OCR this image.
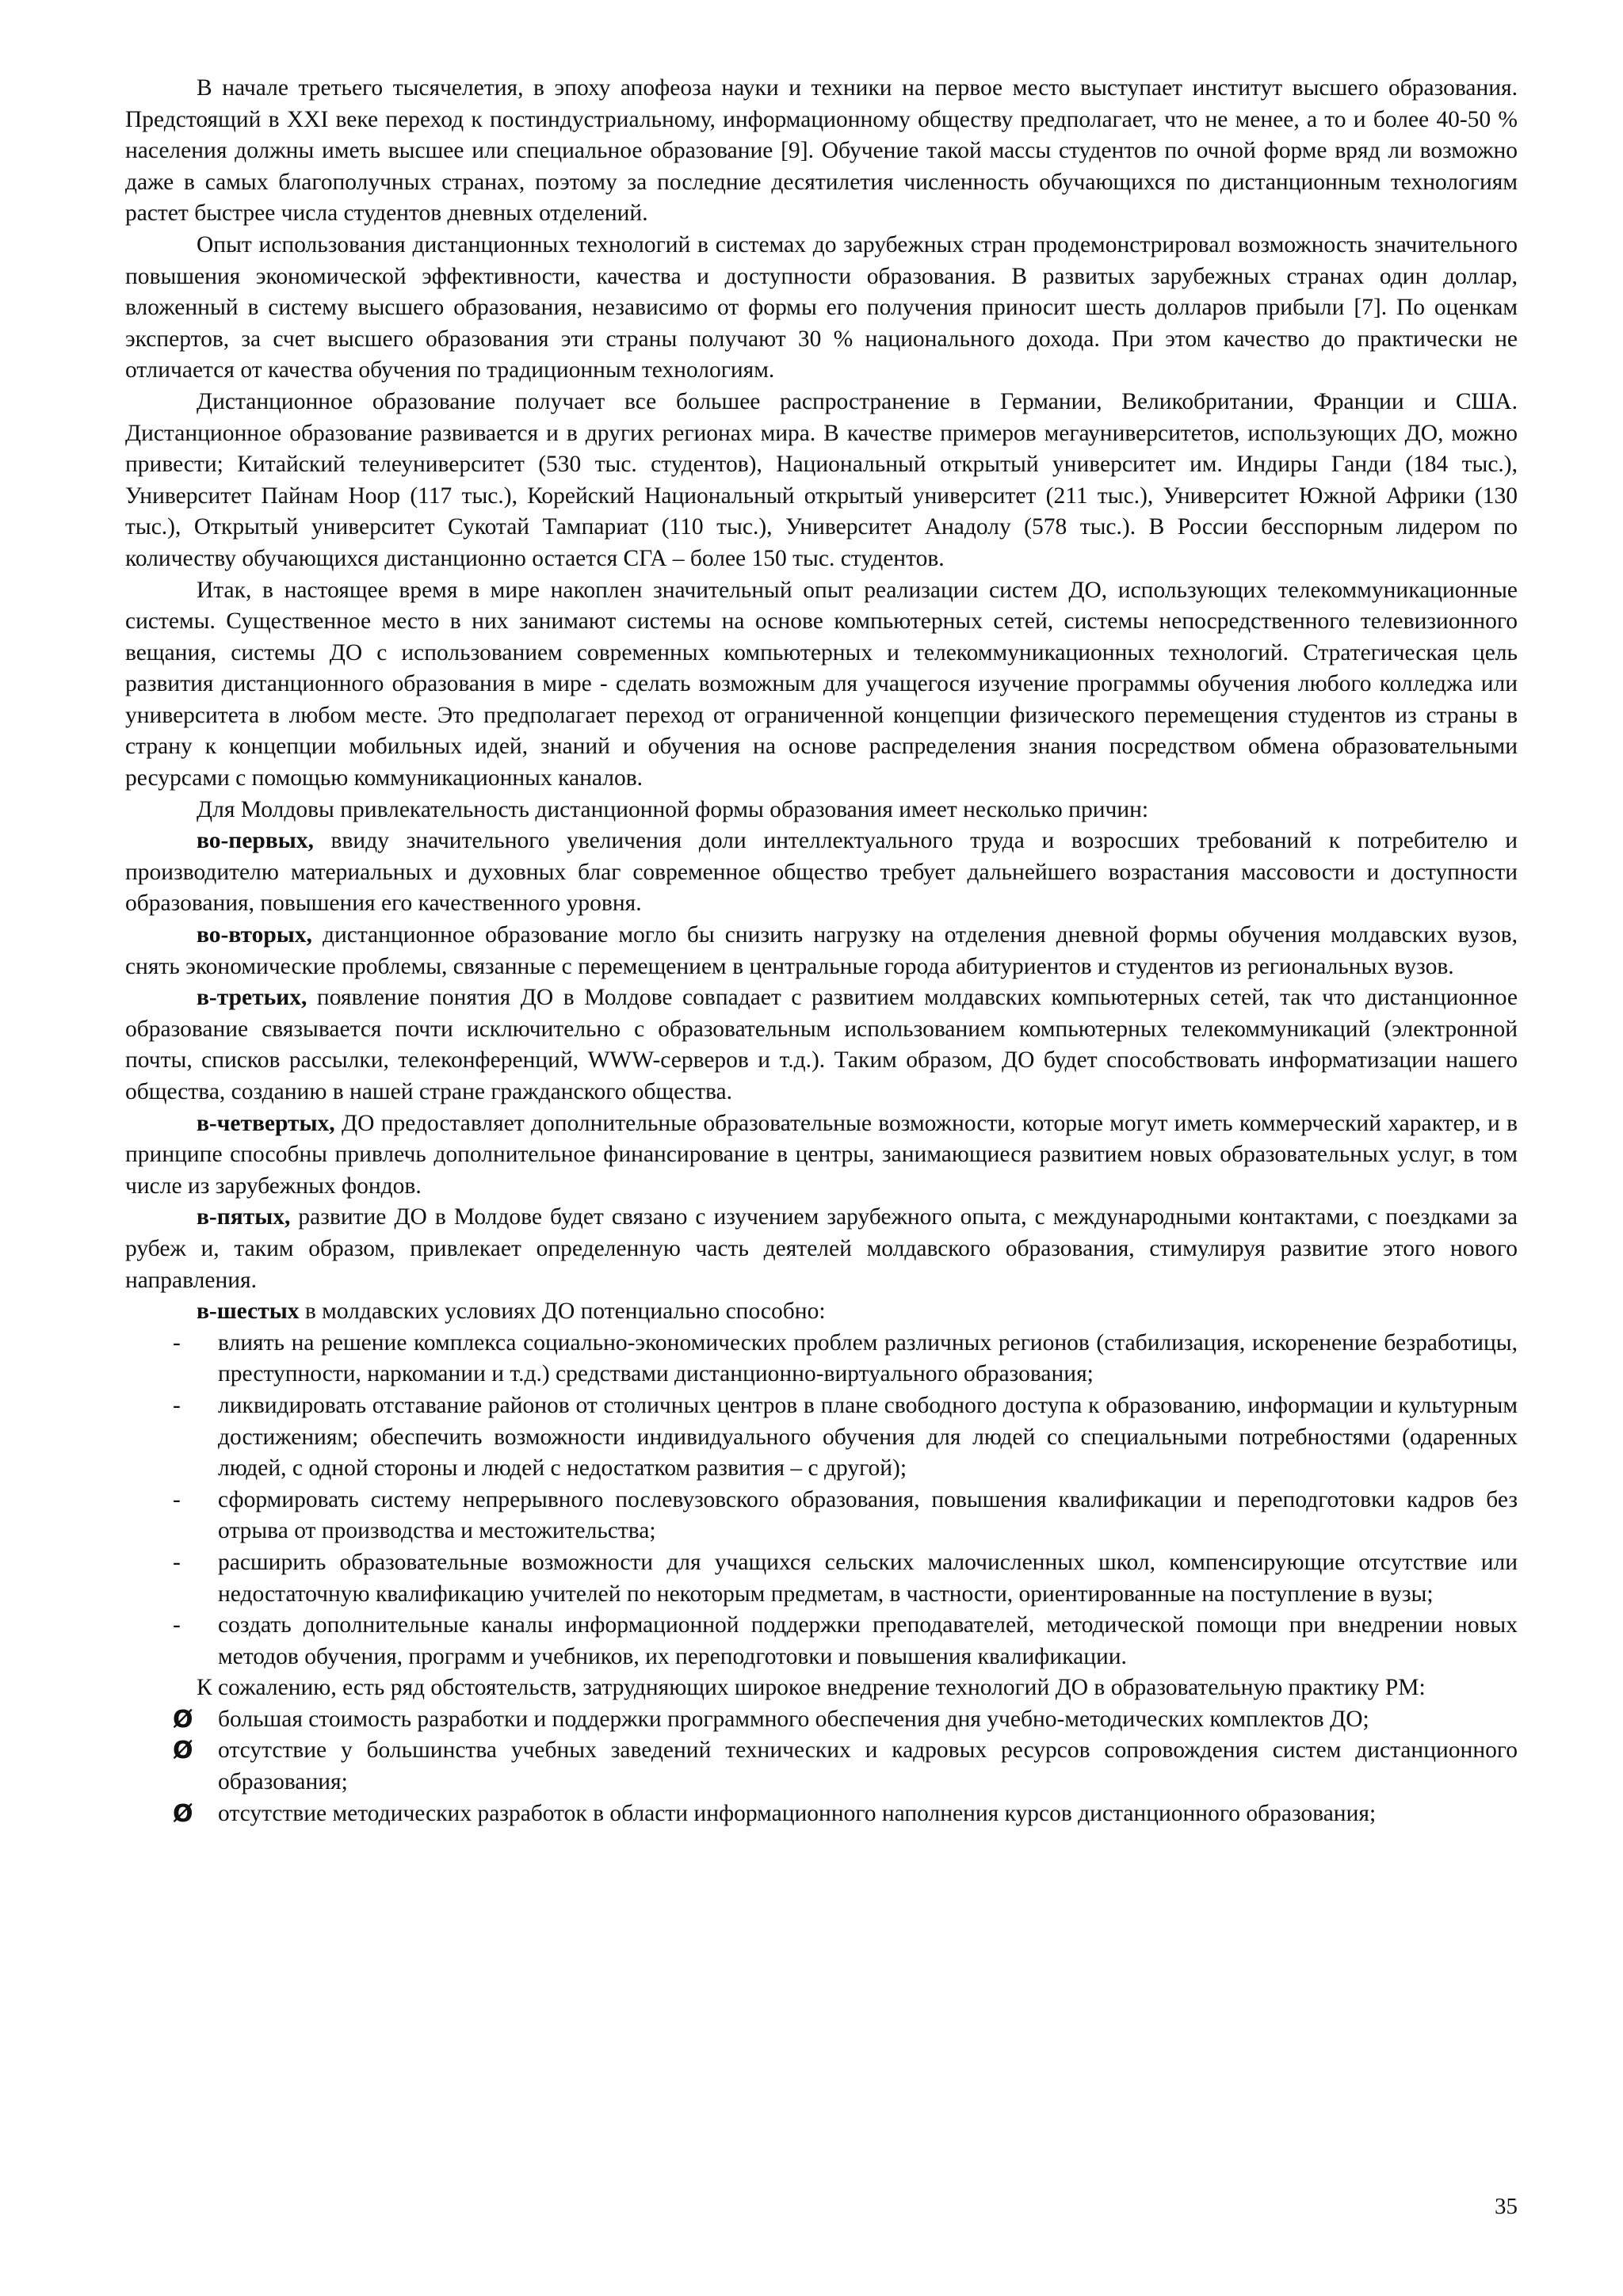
В начале третьего тысячелетия, в эпоху апофеоза науки и техники на первое место выступает институт высшего образования. Предстоящий в XXI веке переход к постиндустриальному, информационному обществу предполагает, что не менее, а то и более 40-50 % населения должны иметь высшее или специальное образование [9]. Обучение такой массы студентов по очной форме вряд ли возможно даже в самых благополучных странах, поэтому за последние десятилетия численность обучающихся по дистанционным технологиям растет быстрее числа студентов дневных отделений.

Опыт использования дистанционных технологий в системах до зарубежных стран продемонстрировал возможность значительного повышения экономической эффективности, качества и доступности образования. В развитых зарубежных странах один доллар, вложенный в систему высшего образования, независимо от формы его получения приносит шесть долларов прибыли [7]. По оценкам экспертов, за счет высшего образования эти страны получают 30 % национального дохода. При этом качество до практически не отличается от качества обучения по традиционным технологиям.

Дистанционное образование получает все большее распространение в Германии, Великобритании, Франции и США. Дистанционное образование развивается и в других регионах мира. В качестве примеров мегауниверситетов, использующих ДО, можно привести; Китайский телеуниверситет (530 тыс. студентов), Национальный открытый университет им. Индиры Ганди (184 тыс.), Университет Пайнам Ноор (117 тыс.), Корейский Национальный открытый университет (211 тыс.), Университет Южной Африки (130 тыс.), Открытый университет Сукотай Тампариат (110 тыс.), Университет Анадолу (578 тыс.). В России бесспорным лидером по количеству обучающихся дистанционно остается СГА – более 150 тыс. студентов.

Итак, в настоящее время в мире накоплен значительный опыт реализации систем ДО, использующих телекоммуникационные системы. Существенное место в них занимают системы на основе компьютерных сетей, системы непосредственного телевизионного вещания, системы ДО с использованием современных компьютерных и телекоммуникационных технологий. Стратегическая цель развития дистанционного образования в мире - сделать возможным для учащегося изучение программы обучения любого колледжа или университета в любом месте. Это предполагает переход от ограниченной концепции физического перемещения студентов из страны в страну к концепции мобильных идей, знаний и обучения на основе распределения знания посредством обмена образовательными ресурсами с помощью коммуникационных каналов.

Для Молдовы привлекательность дистанционной формы образования имеет несколько причин:

во-первых, ввиду значительного увеличения доли интеллектуального труда и возросших требований к потребителю и производителю материальных и духовных благ современное общество требует дальнейшего возрастания массовости и доступности образования, повышения его качественного уровня.

во-вторых, дистанционное образование могло бы снизить нагрузку на отделения дневной формы обучения молдавских вузов, снять экономические проблемы, связанные с перемещением в центральные города абитуриентов и студентов из региональных вузов.

в-третьих, появление понятия ДО в Молдове совпадает с развитием молдавских компьютерных сетей, так что дистанционное образование связывается почти исключительно с образовательным использованием компьютерных телекоммуникаций (электронной почты, списков рассылки, телеконференций, WWW-серверов и т.д.). Таким образом, ДО будет способствовать информатизации нашего общества, созданию в нашей стране гражданского общества.

в-четвертых, ДО предоставляет дополнительные образовательные возможности, которые могут иметь коммерческий характер, и в принципе способны привлечь дополнительное финансирование в центры, занимающиеся развитием новых образовательных услуг, в том числе из зарубежных фондов.

в-пятых, развитие ДО в Молдове будет связано с изучением зарубежного опыта, с международными контактами, с поездками за рубеж и, таким образом, привлекает определенную часть деятелей молдавского образования, стимулируя развитие этого нового направления.

в-шестых в молдавских условиях ДО потенциально способно:

- влиять на решение комплекса социально-экономических проблем различных регионов (стабилизация, искоренение безработицы, преступности, наркомании и т.д.) средствами дистанционно-виртуального образования;
- ликвидировать отставание районов от столичных центров в плане свободного доступа к образованию, информации и культурным достижениям; обеспечить возможности индивидуального обучения для людей со специальными потребностями (одаренных людей, с одной стороны и людей с недостатком развития – с другой);
- сформировать систему непрерывного послевузовского образования, повышения квалификации и переподготовки кадров без отрыва от производства и местожительства;
- расширить образовательные возможности для учащихся сельских малочисленных школ, компенсирующие отсутствие или недостаточную квалификацию учителей по некоторым предметам, в частности, ориентированные на поступление в вузы;
- создать дополнительные каналы информационной поддержки преподавателей, методической помощи при внедрении новых методов обучения, программ и учебников, их переподготовки и повышения квалификации.

К сожалению, есть ряд обстоятельств, затрудняющих широкое внедрение технологий ДО в образовательную практику РМ:

Ø большая стоимость разработки и поддержки программного обеспечения дня учебно-методических комплектов ДО;
Ø отсутствие у большинства учебных заведений технических и кадровых ресурсов сопровождения систем дистанционного образования;
Ø отсутствие методических разработок в области информационного наполнения курсов дистанционного образования;
35
